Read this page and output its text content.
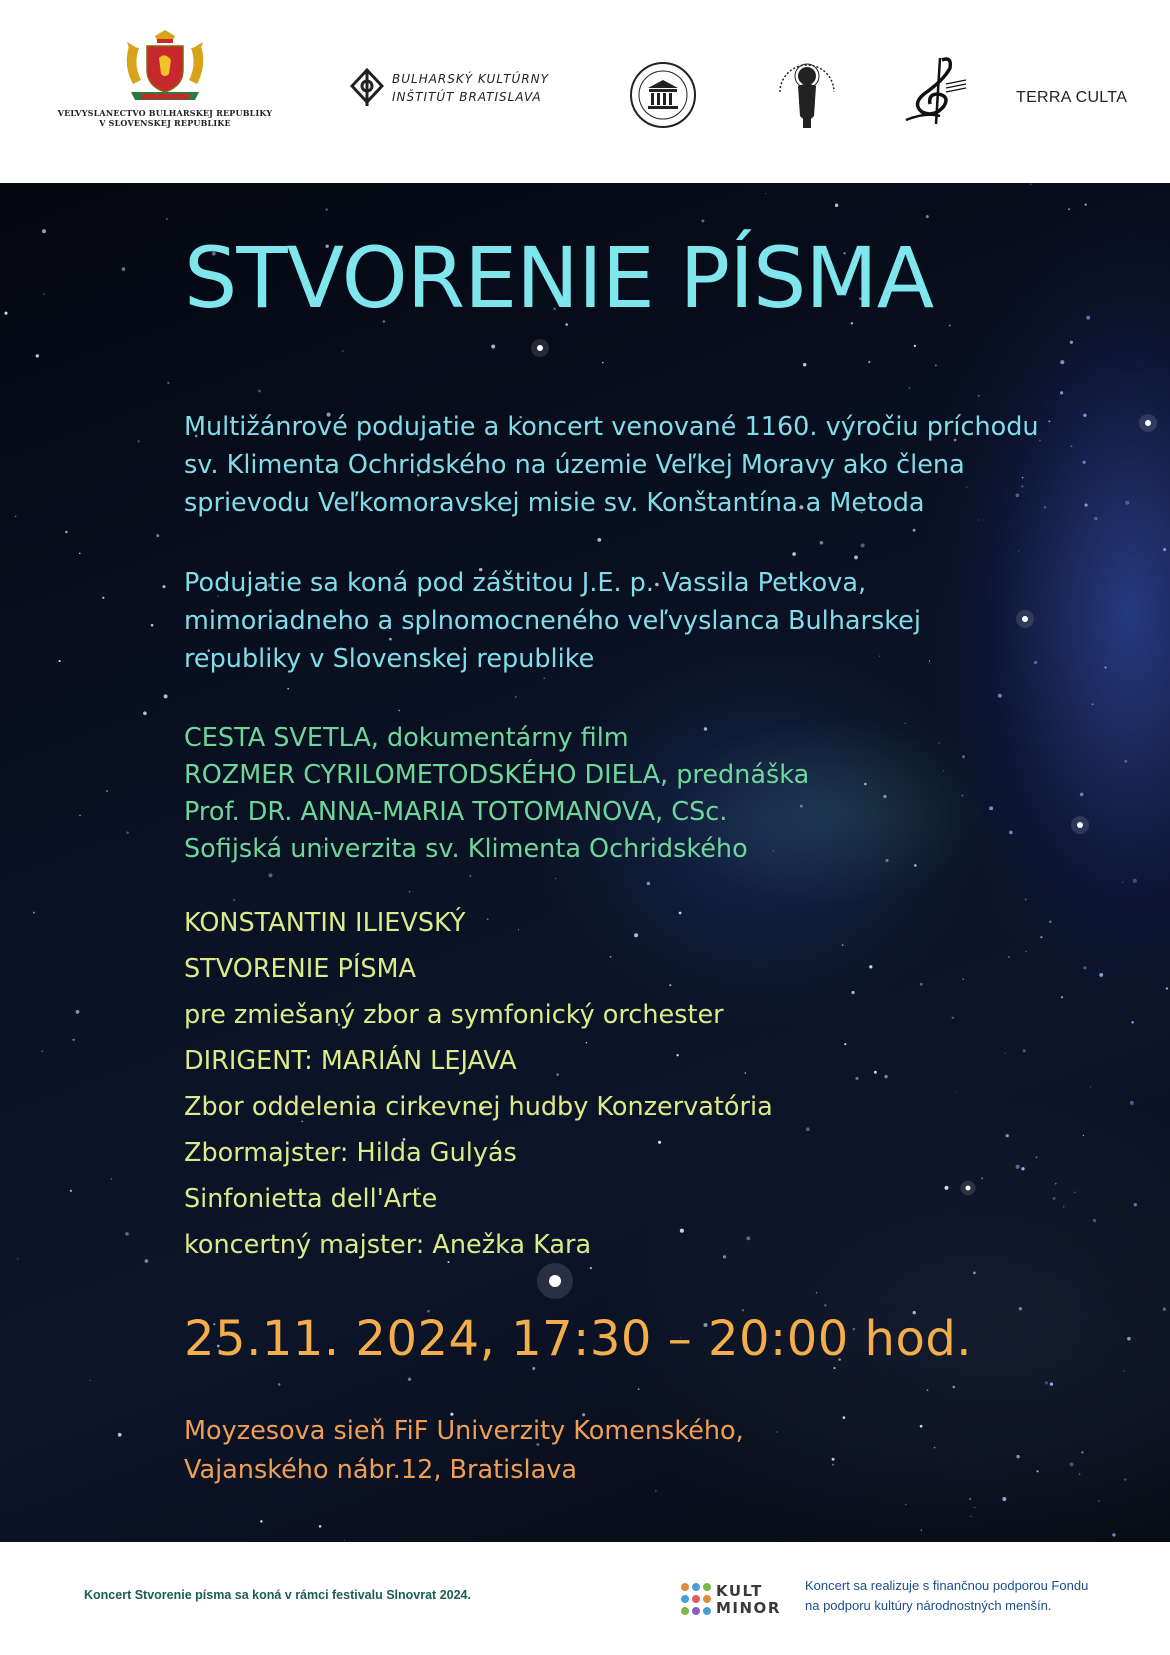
VEĽVYSLANECTVO BULHARSKEJ REPUBLIKY
V SLOVENSKEJ REPUBLIKE
BULHARSKÝ KULTÚRNY
INŠTITÚT BRATISLAVA	TERRA CULTA
STVORENIE PÍSMA
Multižánrové podujatie a koncert venované 1160. výročiu príchodu
sv. Klimenta Ochridského na územie Veľkej Moravy ako člena
sprievodu Veľkomoravskej misie sv. Konštantína a Metoda
Podujatie sa koná pod záštitou J.E. p. Vassila Petkova,
mimoriadneho a splnomocneného veľvyslanca Bulharskej
republiky v Slovenskej republike
CESTA SVETLA, dokumentárny film
ROZMER CYRILOMETODSKÉHO DIELA, prednáška
Prof. DR. ANNA-MARIA TOTOMANOVA, CSc.
Sofijská univerzita sv. Klimenta Ochridského
KONSTANTIN ILIEVSKÝ
STVORENIE PÍSMA
pre zmiešaný zbor a symfonický orchester
DIRIGENT: MARIÁN LEJAVA
Zbor oddelenia cirkevnej hudby Konzervatória
Zbormajster: Hilda Gulyás
Sinfonietta dell'Arte
koncertný majster: Anežka Kara
25.11. 2024, 17:30 – 20:00 hod.
Moyzesova sieň FiF Univerzity Komenského,
Vajanského nábr.12, Bratislava
Koncert Stvorenie písma sa koná v rámci festivalu Slnovrat 2024.	KULT
MINOR
Koncert sa realizuje s finančnou podporou Fondu
na podporu kultúry národnostných menšín.
